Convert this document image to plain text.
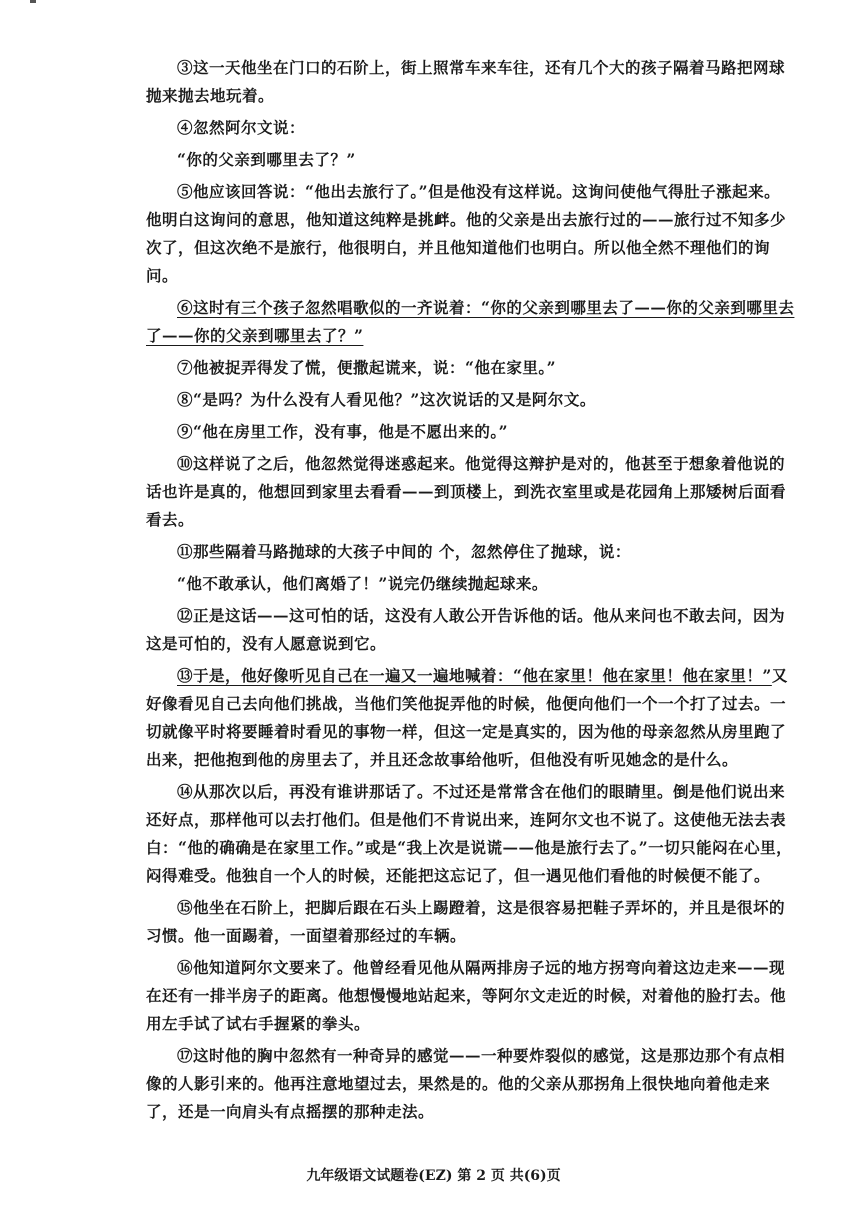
③这一天他坐在门口的石阶上，街上照常车来车往，还有几个大的孩子隔着马路把网球抛来抛去地玩着。

④忽然阿尔文说：

“你的父亲到哪里去了？”

⑤他应该回答说：“他出去旅行了。”但是他没有这样说。这询问使他气得肚子涨起来。他明白这询问的意思，他知道这纯粹是挑衅。他的父亲是出去旅行过的——旅行过不知多少次了，但这次绝不是旅行，他很明白，并且他知道他们也明白。所以他全然不理他们的询问。

⑥这时有三个孩子忽然唱歌似的一齐说着：“你的父亲到哪里去了——你的父亲到哪里去了——你的父亲到哪里去了？”

⑦他被捉弄得发了慌，便撒起谎来，说：“他在家里。”

⑧“是吗？为什么没有人看见他？”这次说话的又是阿尔文。

⑨“他在房里工作，没有事，他是不愿出来的。”

⑩这样说了之后，他忽然觉得迷惑起来。他觉得这辩护是对的，他甚至于想象着他说的话也许是真的，他想回到家里去看看——到顶楼上，到洗衣室里或是花园角上那矮树后面看看去。

⑪那些隔着马路抛球的大孩子中间的 个，忽然停住了抛球，说：

“他不敢承认，他们离婚了！”说完仍继续抛起球来。

⑫正是这话——这可怕的话，这没有人敢公开告诉他的话。他从来问也不敢去问，因为这是可怕的，没有人愿意说到它。

⑬于是，他好像听见自己在一遍又一遍地喊着：“他在家里！他在家里！他在家里！”又好像看见自己去向他们挑战，当他们笑他捉弄他的时候，他便向他们一个一个打了过去。一切就像平时将要睡着时看见的事物一样，但这一定是真实的，因为他的母亲忽然从房里跑了出来，把他抱到他的房里去了，并且还念故事给他听，但他没有听见她念的是什么。

⑭从那次以后，再没有谁讲那话了。不过还是常常含在他们的眼睛里。倒是他们说出来还好点，那样他可以去打他们。但是他们不肯说出来，连阿尔文也不说了。这使他无法去表白：“他的确确是在家里工作。”或是“我上次是说谎——他是旅行去了。”一切只能闷在心里，闷得难受。他独自一个人的时候，还能把这忘记了，但一遇见他们看他的时候便不能了。

⑮他坐在石阶上，把脚后跟在石头上踢蹬着，这是很容易把鞋子弄坏的，并且是很坏的习惯。他一面踢着，一面望着那经过的车辆。

⑯他知道阿尔文要来了。他曾经看见他从隔两排房子远的地方拐弯向着这边走来——现在还有一排半房子的距离。他想慢慢地站起来，等阿尔文走近的时候，对着他的脸打去。他用左手试了试右手握紧的拳头。

⑰这时他的胸中忽然有一种奇异的感觉——一种要炸裂似的感觉，这是那边那个有点相像的人影引来的。他再注意地望过去，果然是的。他的父亲从那拐角上很快地向着他走来了，还是一向肩头有点摇摆的那种走法。

九年级语文试题卷(EZ) 第 2 页 共(6)页
